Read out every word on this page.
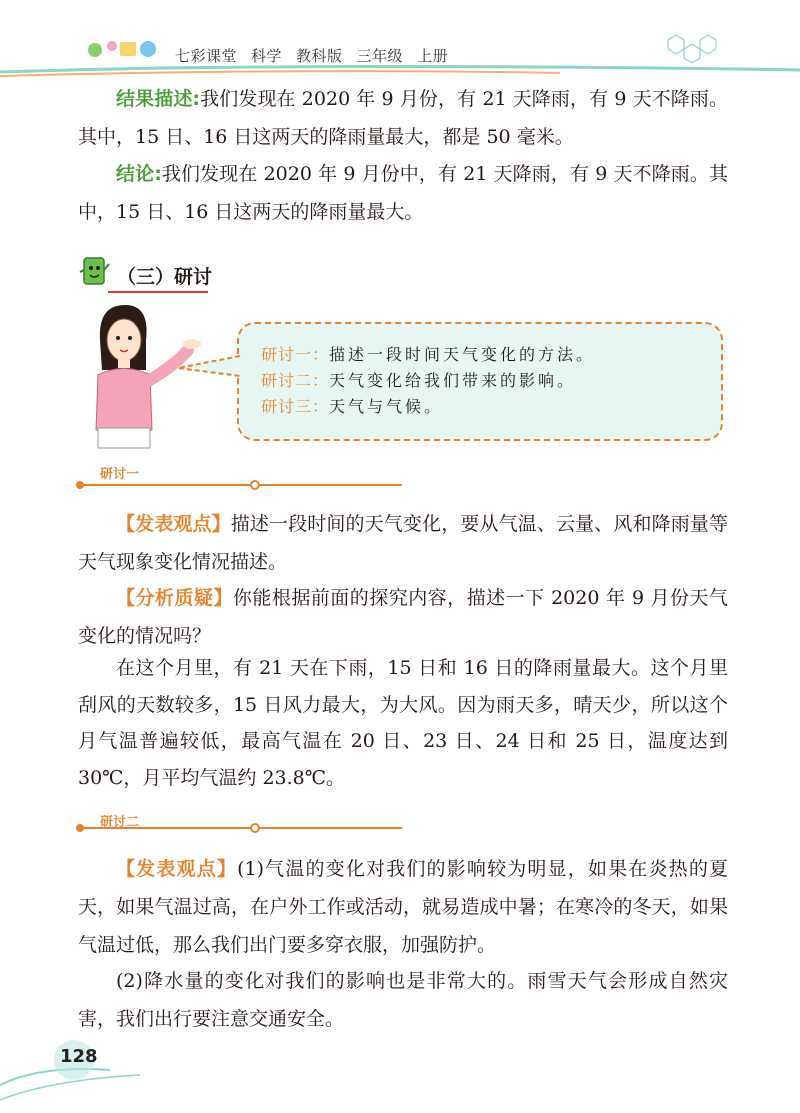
七彩课堂 科学 教科版 三年级 上册
结果描述:我们发现在 2020 年 9 月份，有 21 天降雨，有 9 天不降雨。其中，15 日、16 日这两天的降雨量最大，都是 50 毫米。
结论:我们发现在 2020 年 9 月份中，有 21 天降雨，有 9 天不降雨。其中，15 日、16 日这两天的降雨量最大。
（三）研讨
研讨一：描述一段时间天气变化的方法。
研讨二：天气变化给我们带来的影响。
研讨三：天气与气候。
研讨一
【发表观点】描述一段时间的天气变化，要从气温、云量、风和降雨量等天气现象变化情况描述。
【分析质疑】你能根据前面的探究内容，描述一下 2020 年 9 月份天气变化的情况吗？
在这个月里，有 21 天在下雨，15 日和 16 日的降雨量最大。这个月里刮风的天数较多，15 日风力最大，为大风。因为雨天多，晴天少，所以这个月气温普遍较低，最高气温在 20 日、23 日、24 日和 25 日，温度达到 30℃，月平均气温约 23.8℃。
研讨二
【发表观点】(1)气温的变化对我们的影响较为明显，如果在炎热的夏天，如果气温过高，在户外工作或活动，就易造成中暑；在寒冷的冬天，如果气温过低，那么我们出门要多穿衣服，加强防护。
(2)降水量的变化对我们的影响也是非常大的。雨雪天气会形成自然灾害，我们出行要注意交通安全。
128
